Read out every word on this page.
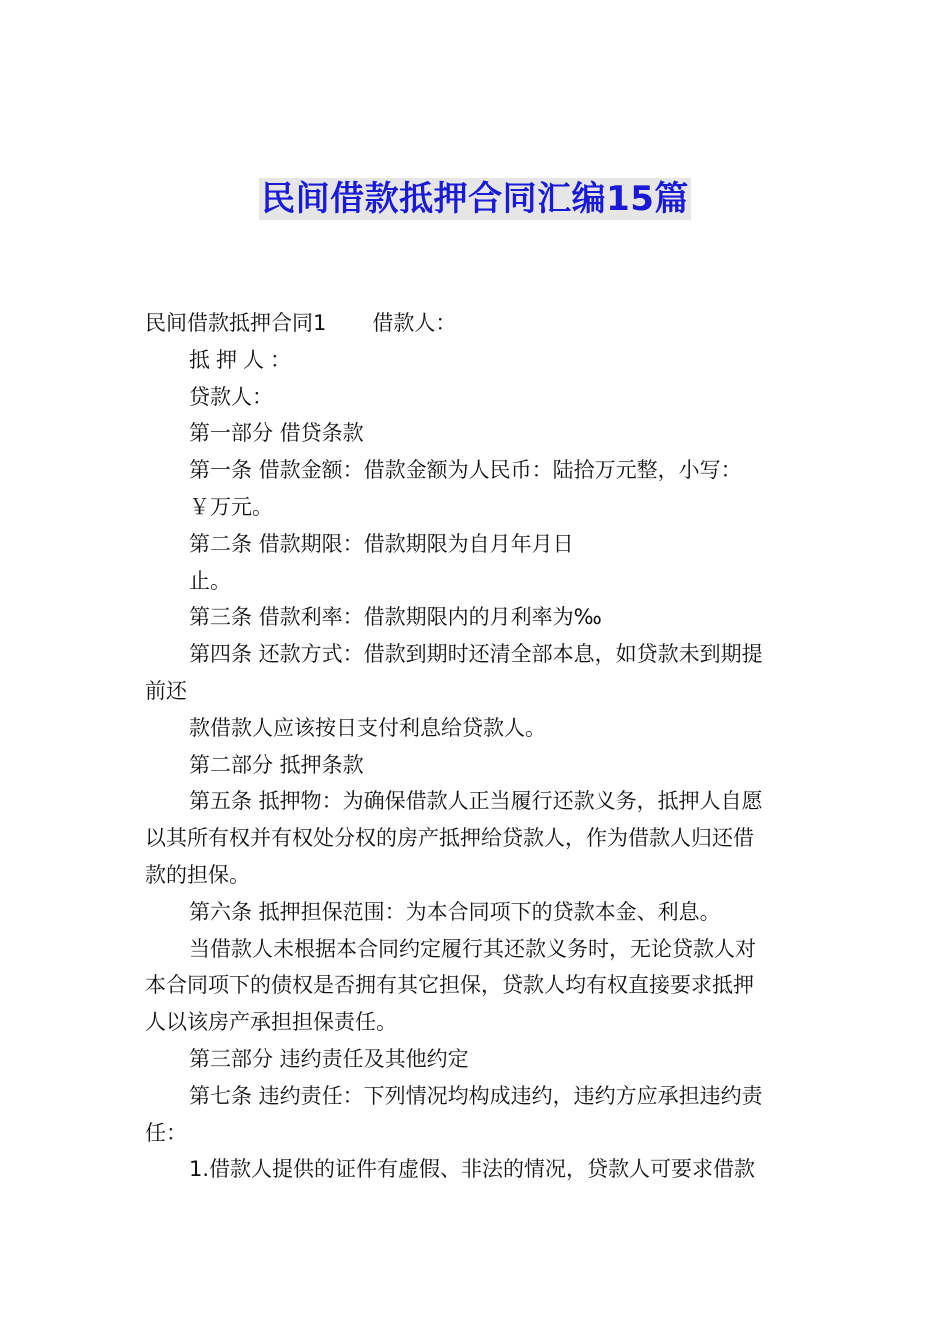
民间借款抵押合同汇编15篇
民间借款抵押合同1 借款人：
抵押人：
贷款人：
第一部分 借贷条款
第一条 借款金额：借款金额为人民币：陆拾万元整，小写：
￥万元。
第二条 借款期限：借款期限为自月年月日
止。
第三条 借款利率：借款期限内的月利率为‰
第四条 还款方式：借款到期时还清全部本息，如贷款未到期提
前还
款借款人应该按日支付利息给贷款人。
第二部分 抵押条款
第五条 抵押物：为确保借款人正当履行还款义务，抵押人自愿
以其所有权并有权处分权的房产抵押给贷款人，作为借款人归还借
款的担保。
第六条 抵押担保范围：为本合同项下的贷款本金、利息。
当借款人未根据本合同约定履行其还款义务时，无论贷款人对
本合同项下的债权是否拥有其它担保，贷款人均有权直接要求抵押
人以该房产承担担保责任。
第三部分 违约责任及其他约定
第七条 违约责任：下列情况均构成违约，违约方应承担违约责
任：
1.借款人提供的证件有虚假、非法的情况，贷款人可要求借款
